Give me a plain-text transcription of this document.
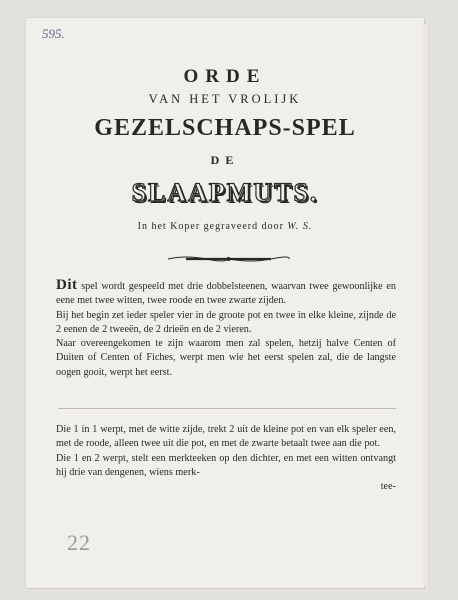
595.
ORDE
VAN HET VROLIJK
GEZELSCHAPS-SPEL
DE
SLAAPMUTS.
In het Koper gegraveerd door W. S.

Dit spel wordt gespeeld met drie dobbelsteenen, waarvan twee gewoonlijke en eene met twee witten, twee roode en twee zwarte zijden.

Bij het begin zet ieder speler vier in de groote pot en twee in elke kleine, zijnde de 2 eenen de 2 tweeën, de 2 drieën en de 2 vieren.

Naar overeengekomen te zijn waarom men zal spelen, hetzij halve Centen of Duiten of Centen of Fiches, werpt men wie het eerst spelen zal, die de langste oogen gooit, werpt het eerst.

Die 1 in 1 werpt, met de witte zijde, trekt 2 uit de kleine pot en van elk speler een, met de roode, alleen twee uit die pot, en met de zwarte betaalt twee aan die pot.

Die 1 en 2 werpt, stelt een merkteeken op den dichter, en met een witten ontvangt hij drie van dengenen, wiens merk-

tee-

22
